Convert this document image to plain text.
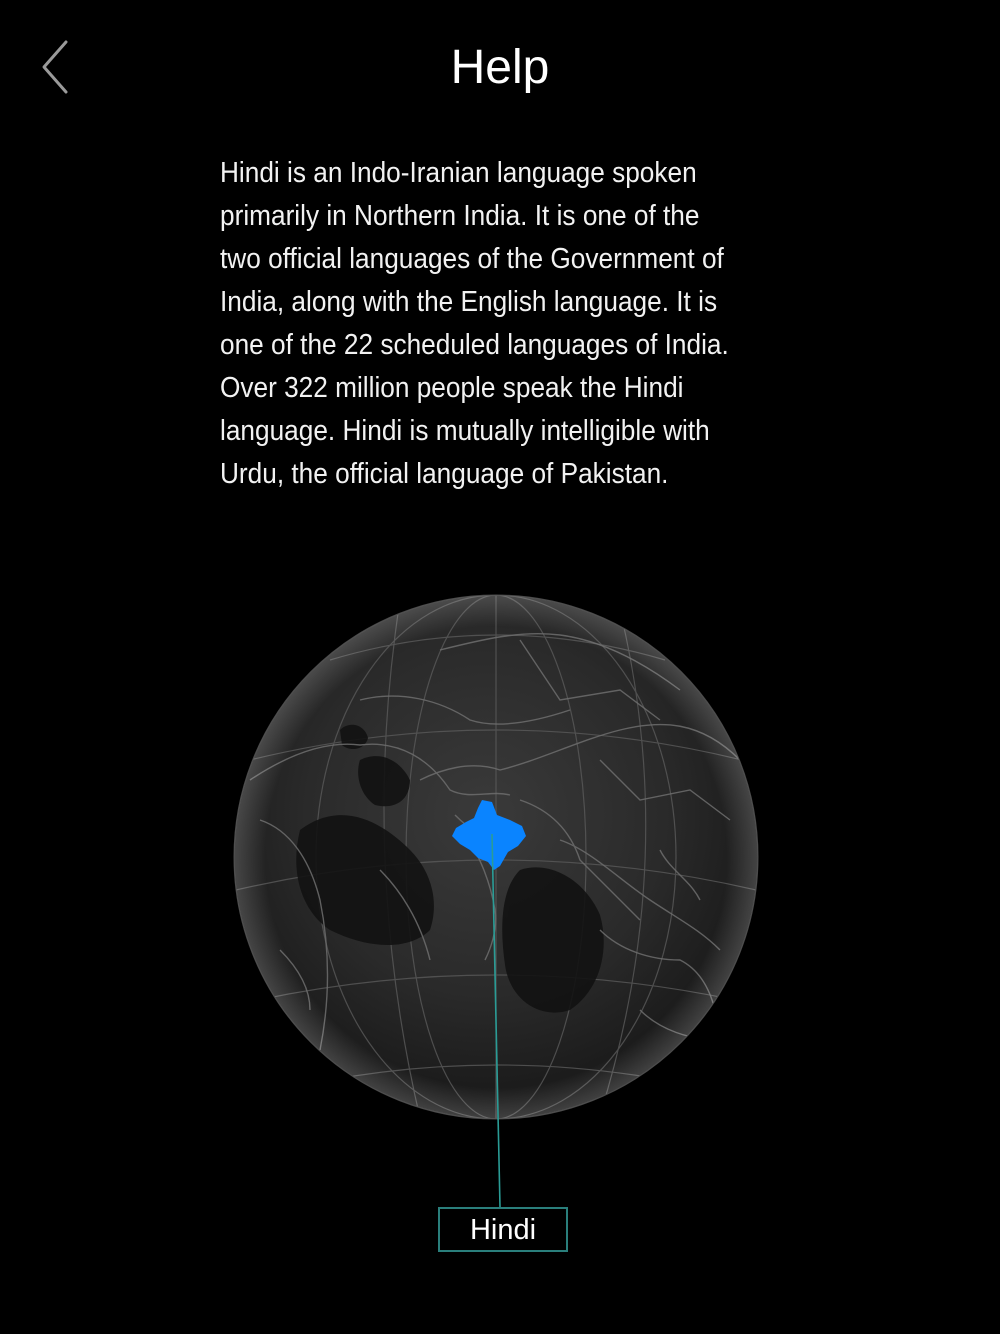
Help
Hindi is an Indo-Iranian language spoken primarily in Northern India. It is one of the two official languages of the Government of India, along with the English language. It is one of the 22 scheduled languages of India. Over 322 million people speak the Hindi language. Hindi is mutually intelligible with Urdu, the official language of Pakistan.
Hindi
